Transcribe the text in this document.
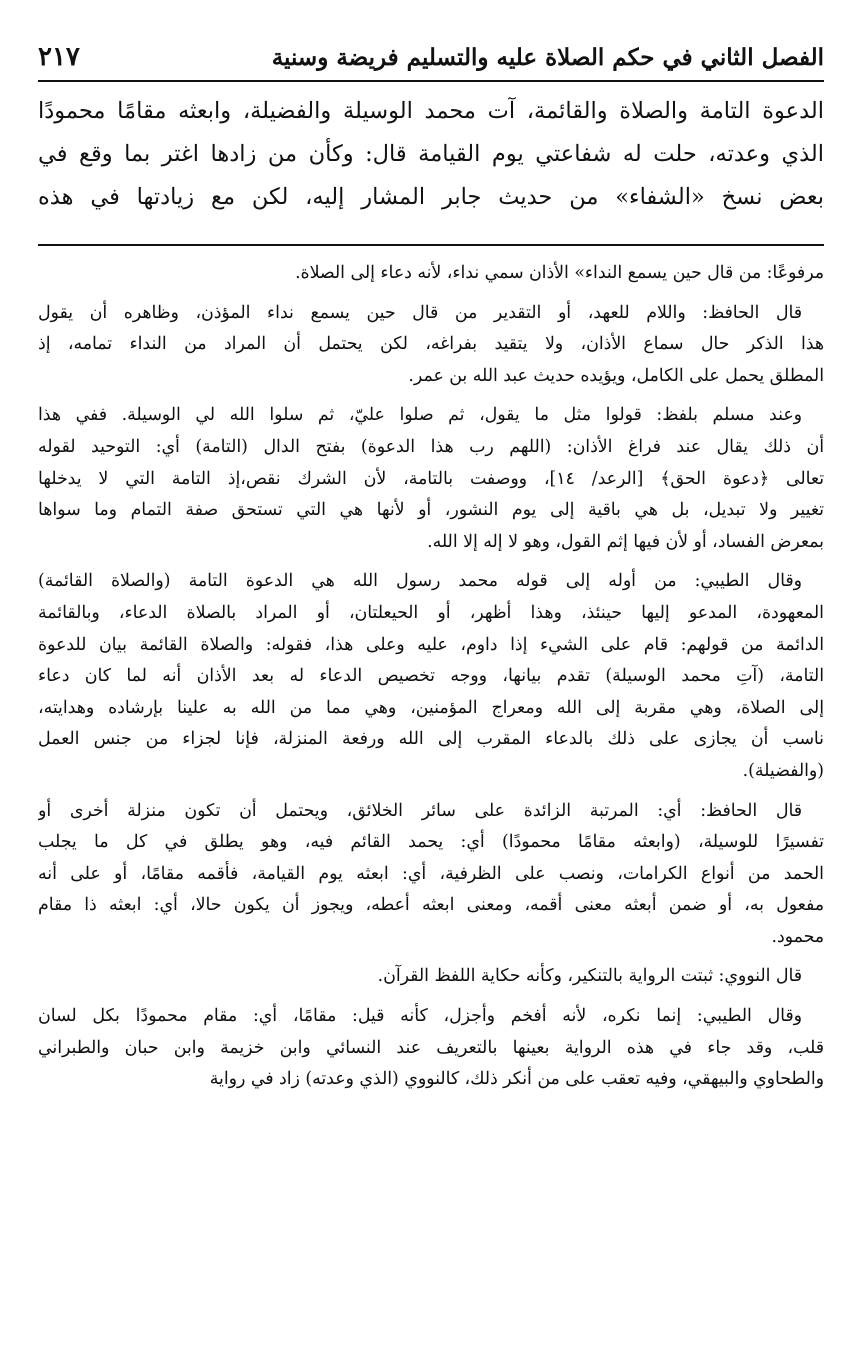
الفصل الثاني في حكم الصلاة عليه والتسليم فريضة وسنية
٢١٧
الدعوة التامة والصلاة والقائمة، آت محمد الوسيلة والفضيلة، وابعثه مقامًا محمودًا
الذي وعدته، حلت له شفاعتي يوم القيامة قال: وكأن من زادها اغتر بما وقع في
بعض نسخ «الشفاء» من حديث جابر المشار إليه، لكن مع زيادتها في هذه
مرفوعًا: من قال حين يسمع النداء» الأذان سمي نداء، لأنه دعاء إلى الصلاة.
قال الحافظ: واللام للعهد، أو التقدير من قال حين يسمع نداء المؤذن، وظاهره أن يقول
هذا الذكر حال سماع الأذان، ولا يتقيد بفراغه، لكن يحتمل أن المراد من النداء تمامه، إذ
المطلق يحمل على الكامل، ويؤيده حديث عبد الله بن عمر.
وعند مسلم بلفظ: قولوا مثل ما يقول، ثم صلوا عليّ، ثم سلوا الله لي الوسيلة. ففي هذا
أن ذلك يقال عند فراغ الأذان: (اللهم رب هذا الدعوة) بفتح الدال (التامة) أي: التوحيد لقوله
تعالى ﴿دعوة الحق﴾ [الرعد/ ١٤]، ووصفت بالتامة، لأن الشرك نقص،إذ التامة التي لا يدخلها
تغيير ولا تبديل، بل هي باقية إلى يوم النشور، أو لأنها هي التي تستحق صفة التمام وما سواها
بمعرض الفساد، أو لأن فيها إثم القول، وهو لا إله إلا الله.
وقال الطيبي: من أوله إلى قوله محمد رسول الله هي الدعوة التامة (والصلاة القائمة)
المعهودة، المدعو إليها حينئذ، وهذا أظهر، أو الحيعلتان، أو المراد بالصلاة الدعاء، وبالقائمة
الدائمة من قولهم: قام على الشيء إذا داوم، عليه وعلى هذا، فقوله: والصلاة القائمة بيان للدعوة
التامة، (آتِ محمد الوسيلة) تقدم بيانها، ووجه تخصيص الدعاء له بعد الأذان أنه لما كان دعاء
إلى الصلاة، وهي مقربة إلى الله ومعراج المؤمنين، وهي مما من الله به علينا بإرشاده وهدايته،
ناسب أن يجازى على ذلك بالدعاء المقرب إلى الله ورفعة المنزلة، فإنا لجزاء من جنس العمل
(والفضيلة).
قال الحافظ: أي: المرتبة الزائدة على سائر الخلائق، ويحتمل أن تكون منزلة أخرى أو
تفسيرًا للوسيلة، (وابعثه مقامًا محمودًا) أي: يحمد القائم فيه، وهو يطلق في كل ما يجلب
الحمد من أنواع الكرامات، ونصب على الظرفية، أي: ابعثه يوم القيامة، فأقمه مقامًا، أو على أنه
مفعول به، أو ضمن أبعثه معنى أقمه، ومعنى ابعثه أعطه، ويجوز أن يكون حالا، أي: ابعثه ذا مقام
محمود.
قال النووي: ثبتت الرواية بالتنكير، وكأنه حكاية اللفظ القرآن.
وقال الطيبي: إنما نكره، لأنه أفخم وأجزل، كأنه قيل: مقامًا، أي: مقام محمودًا بكل لسان
قلب، وقد جاء في هذه الرواية بعينها بالتعريف عند النسائي وابن خزيمة وابن حبان والطبراني
والطحاوي والبيهقي، وفيه تعقب على من أنكر ذلك، كالنووي (الذي وعدته) زاد في رواية
